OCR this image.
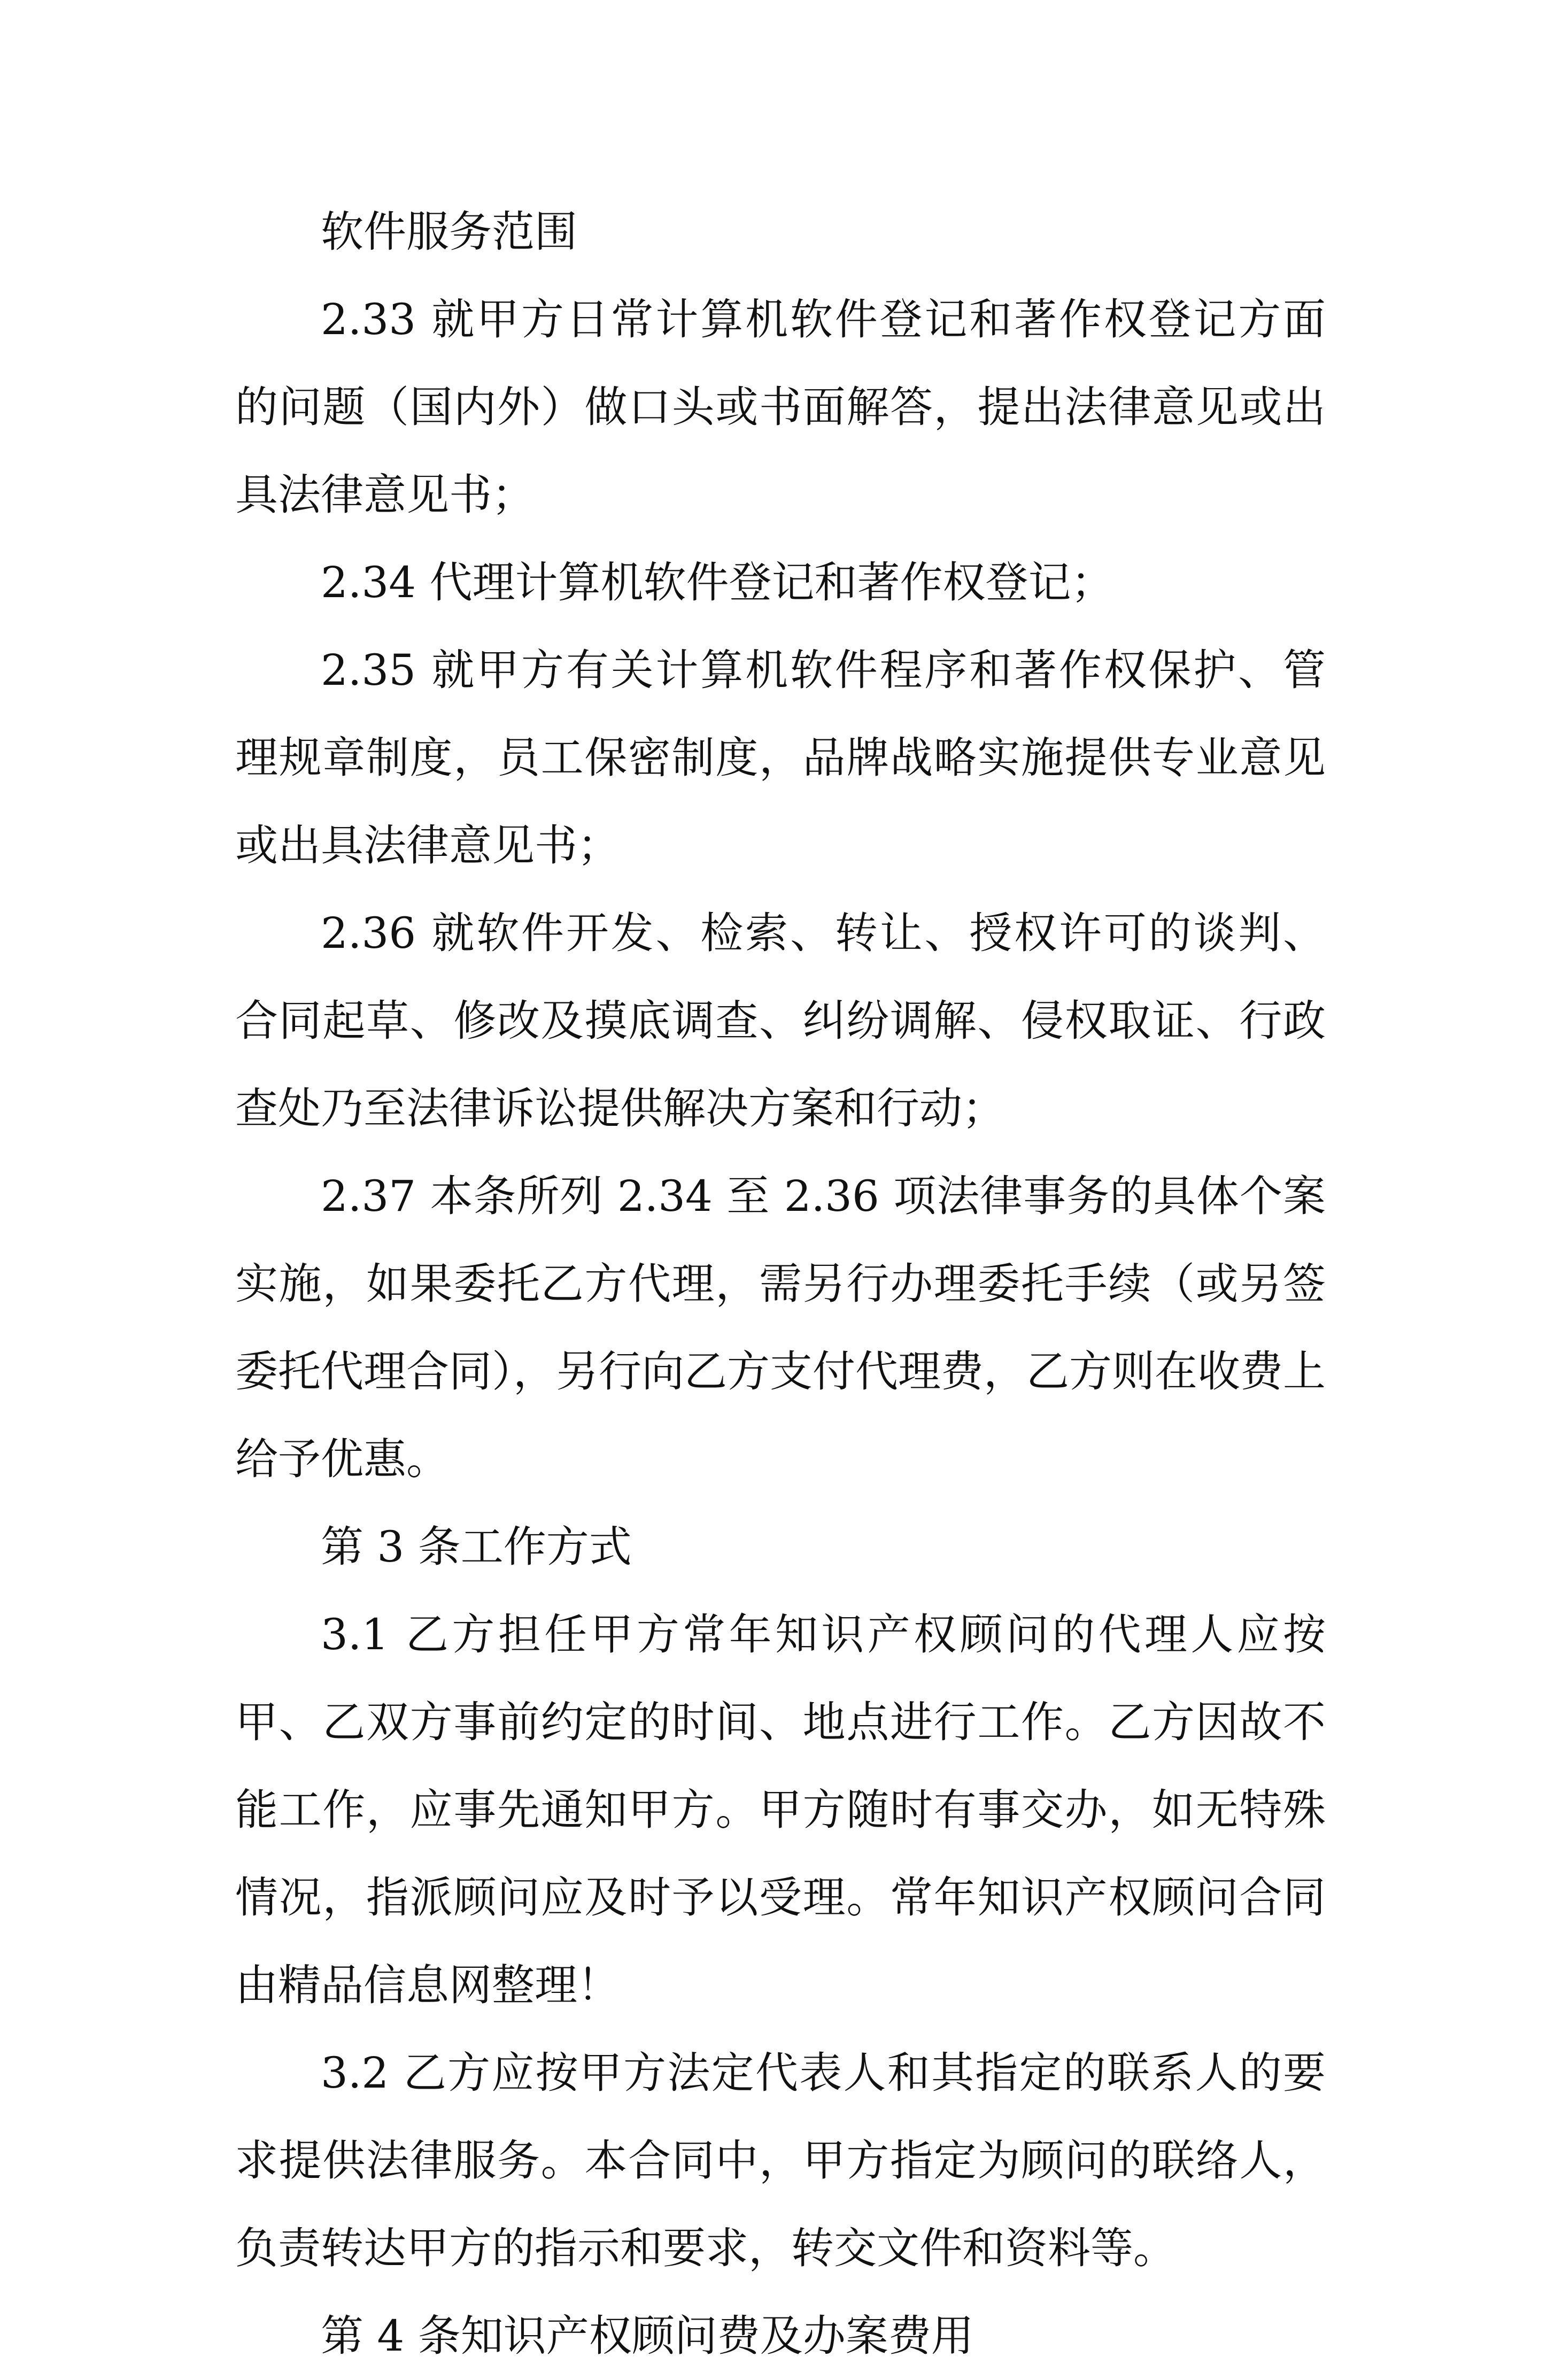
软件服务范围

2.33 就甲方日常计算机软件登记和著作权登记方面的问题（国内外）做口头或书面解答，提出法律意见或出具法律意见书；

2.34 代理计算机软件登记和著作权登记；

2.35 就甲方有关计算机软件程序和著作权保护、管理规章制度，员工保密制度，品牌战略实施提供专业意见或出具法律意见书；

2.36 就软件开发、检索、转让、授权许可的谈判、合同起草、修改及摸底调查、纠纷调解、侵权取证、行政查处乃至法律诉讼提供解决方案和行动；

2.37 本条所列 2.34 至 2.36 项法律事务的具体个案实施，如果委托乙方代理，需另行办理委托手续（或另签委托代理合同），另行向乙方支付代理费，乙方则在收费上给予优惠。

第 3 条工作方式

3.1 乙方担任甲方常年知识产权顾问的代理人应按甲、乙双方事前约定的时间、地点进行工作。乙方因故不能工作，应事先通知甲方。甲方随时有事交办，如无特殊情况，指派顾问应及时予以受理。常年知识产权顾问合同由精品信息网整理！

3.2 乙方应按甲方法定代表人和其指定的联系人的要求提供法律服务。本合同中，甲方指定为顾问的联络人，负责转达甲方的指示和要求，转交文件和资料等。

第 4 条知识产权顾问费及办案费用
